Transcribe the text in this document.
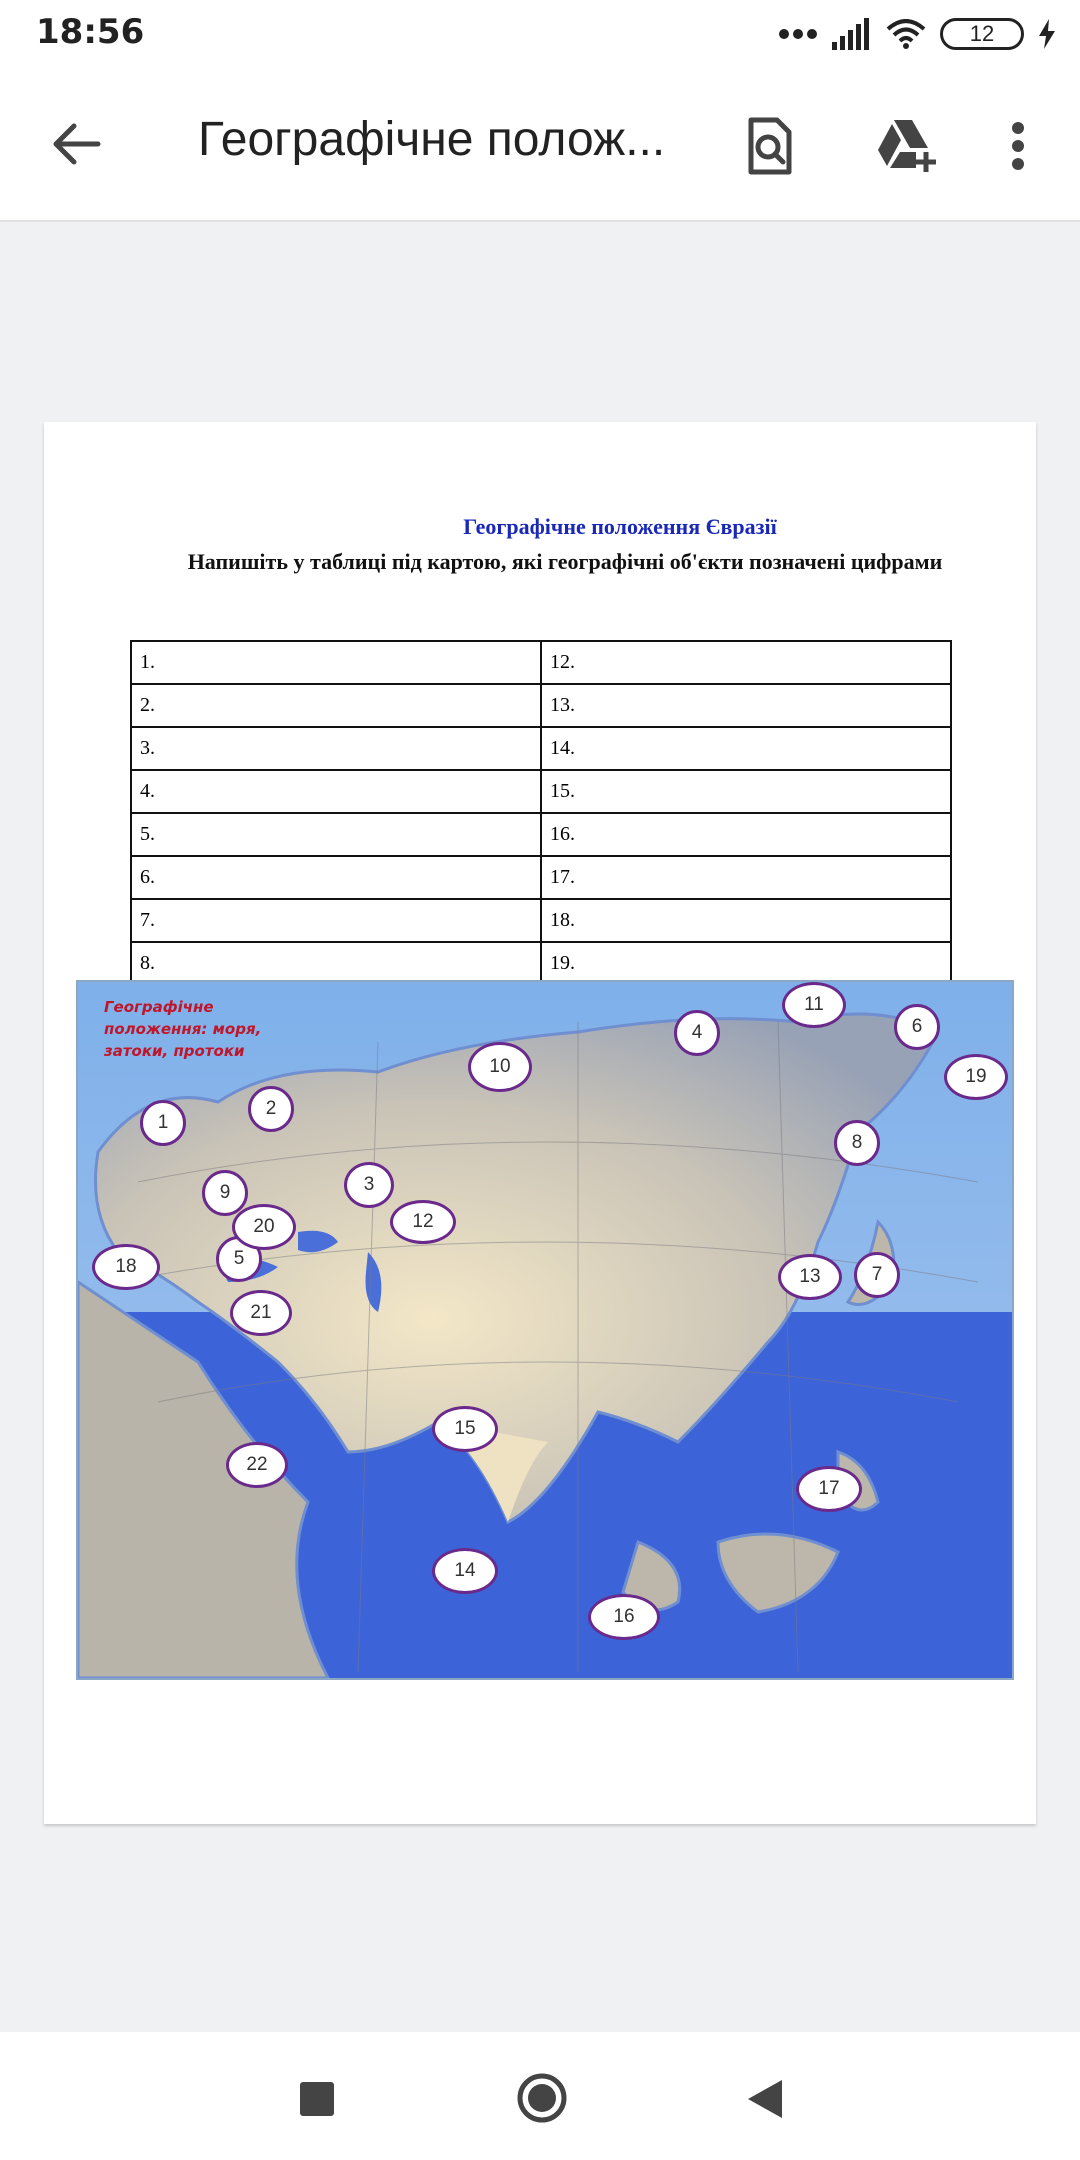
18:56	12
Географічне полож...
Географічне положення Євразії
Напишіть у таблиці під картою, які географічні об'єкти позначені цифрами
1.	12.
2.	13.
3.	14.
4.	15.
5.	16.
6.	17.
7.	18.
8.	19.
Географічне положення: моря, затоки, протоки
1
2
3
4
5
6
7
8
9
10
11
12
13
14
15
16
17
18
19
20
21
22
